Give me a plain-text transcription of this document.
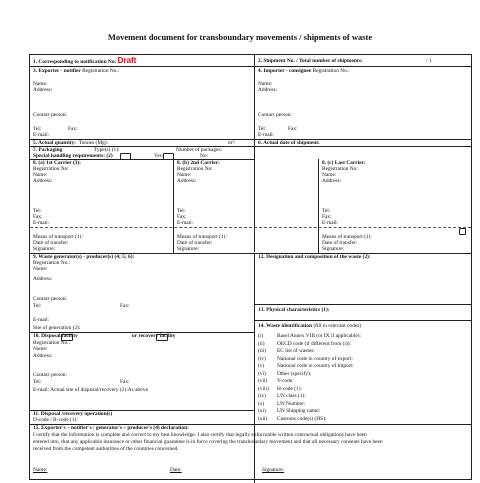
Movement document for transboundary movements / shipments of waste
1. Corresponding to notification No: Draft	2. Shipment No. / Total number of shipments:	/ 1
3. Exporter - notifier Registration No.:
Name:
Address:
Contact person:
Tel:	Fax:
E-mail:
4. Importer - consignee Registration No.:
Name:
Address:
Contact person:
Tel:	Fax:
E-mail:
5. Actual quantity: Tonnes (Mg):	m³:	6. Actual date of shipment:
7. Packaging	Type(s) (1):	Number of packages:
Special handling requirements: (2)	Yes:	No:
8. (a) 1st Carrier (3):
Registration No:
Name:
Address:
Tel:
Fax:
E-mail:
Means of transport (1):
Date of transfer:
Signature:
8. (b) 2nd Carrier:
Registration No:
Name:
Address:
Tel:
Fax:
E-mail:
Means of transport (1):
Date of transfer:
Signature:
8. (c) Last Carrier:
Registration No:
Name:
Address:
Tel:
Fax:
E-mail:
Means of transport (1):
Date of transfer:
Signature:
9. Waste generator(s) - producer(s) (4; 5; 6):
Registration No.:
Name:
Address:
Contact person:
Tel:	Fax:
E-mail:
Site of generation (2):
10. Disposal facility	or recovery facility
Registration No.:
Name:
Address:
Contact person:
Tel:	Fax:
E-mail: Actual site of disposal/recovery (2):As above
11. Disposal /recovery operation(s)
D-code / R-code (1):
12. Designation and composition of the waste (2):
13. Physical characteristics (1):
14. Waste identification (fill in relevant codes)
(i)	Basel Annex VIII (or IX if applicable):
(ii) OECD code (if different from (i)):
(iii) EC list of wastes:
(iv) National code in country of export:
(v) National code in country of import:
(vi) Other (specify):
(vii) Y-code:
(viii) H-code (1):
(ix) UN class (1):
(x) UN Number:
(xi) UN Shipping name:
(xii) Customs code(s) (HS):
15. Exporter's – notifier's / generator's – producer's (4) declaration:
I certify that the information is complete and correct to my best knowledge. I also certify that legally enforceable written contractual obligations have been
entered into, that any applicable insurance or other financial guarantee is in force covering the transboundary movement and that all necessary consents have been
received from the competent authorities of the countries concerned.
Name:	Date:	Signature:
